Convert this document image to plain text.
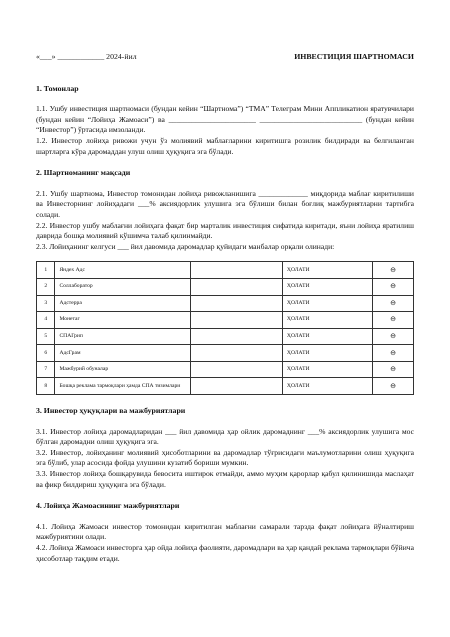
«___» ____________ 2024-йил	ИНВЕСТИЦИЯ ШАРТНОМАСИ
1. Томонлар

1.1. Ушбу инвестиция шартномаси (бундан кейин “Шартнома”) “TMA” Телеграм Мини Аппликатион яратувчилари (бундан кейин “Лойиҳа Жамоаси”) ва _______________________ ___________________________ (бундан кейин “Инвестор”) ўртасида имзоланди.

1.2. Инвестор лойиҳа ривожи учун ўз молиявий маблағларини киритишга розилик билдиради ва белгиланган шартларга кўра даромаддан улуш олиш ҳуқуқига эга бўлади.

2. Шартноманинг мақсади

2.1. Ушбу шартнома, Инвестор томонидан лойиҳа ривожланишига _____________ миқдорида маблағ киритилиши ва Инвесторнинг лойиҳадаги ___% аксиядорлик улушига эга бўлиши билан боғлиқ мажбуриятларни тартибга солади.

2.2. Инвестор ушбу маблағни лойиҳага фақат бир марталик инвестиция сифатида киритади, яъни лойиҳа яратилиш даврида бошқа молиявий кўшимча талаб қилинмайди.

2.3. Лойиҳанинг келгуси ___ йил давомида даромадлар қуйидаги манбалар орқали олинади:

1	Яндех Адс		ҲОЛАТИ	⊖
2	Соллаборатор		ҲОЛАТИ	⊖
3	Адстерра		ҲОЛАТИ	⊖
4	Монетаг		ҲОЛАТИ	⊖
5	СПАГрип		ҲОЛАТИ	⊖
6	АдсГрам		ҲОЛАТИ	⊖
7	Мажбурий обуналар		ҲОЛАТИ	⊖
8	Бошқа реклама тармоқлари ҳамда СПА тизимлари		ҲОЛАТИ	⊖
3. Инвестор ҳуқуқлари ва мажбуриятлари

3.1. Инвестор лойиҳа даромадларидан ___ йил давомида ҳар ойлик даромаднинг ___% аксиядорлик улушига мос бўлган даромадни олиш ҳуқуқига эга.

3.2. Инвестор, лойиҳанинг молиявий ҳисоботларини ва даромадлар тўғрисидаги маълумотларини олиш ҳуқуқига эга бўлиб, улар асосида фойда улушини кузатиб бориши мумкин.

3.3. Инвестор лойиҳа бошқарувида бевосита иштирок етмайди, аммо муҳим қарорлар қабул қилинишида маслаҳат ва фикр билдириш ҳуқуқига эга бўлади.

4. Лойиҳа Жамоасининг мажбуриятлари

4.1. Лойиҳа Жамоаси инвестор томонидан киритилган маблағни самарали тарзда фақат лойиҳага йўналтириш мажбуриятини олади.

4.2. Лойиҳа Жамоаси инвесторга ҳар ойда лойиҳа фаолияти, даромадлари ва ҳар қандай реклама тармоқлари бўйича ҳисоботлар тақдим етади.
